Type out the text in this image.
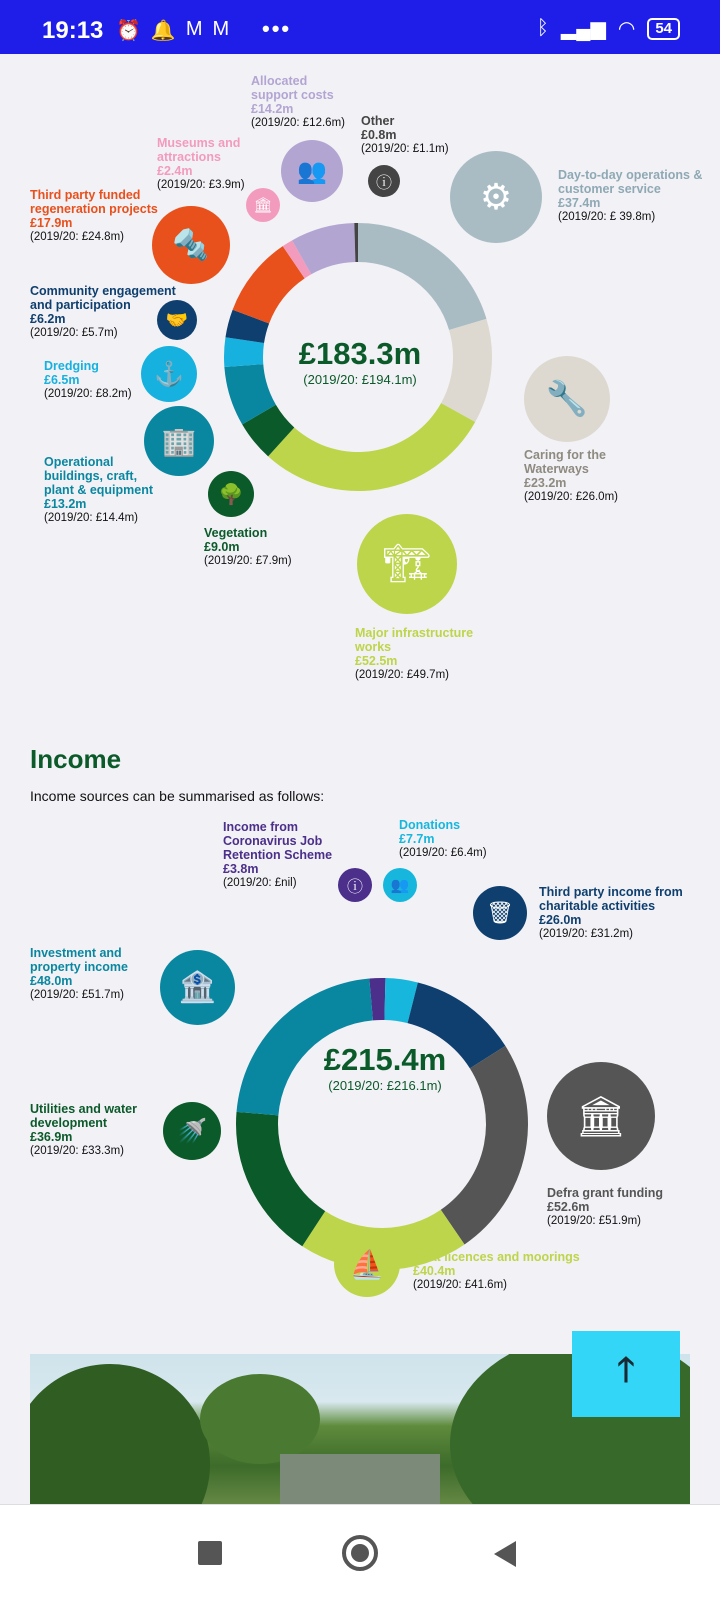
19:13 ⏰ 🔔 M M •••	ᛒ ▂▄▆ ◠	54
£183.3m
(2019/20: £194.1m)
⚙
🔧
🏗
🌳
🏢
⚓
🤝
🔩
🏛
👥	ⓘ	Day-to-day operations & customer service
£37.4m
(2019/20: £ 39.8m)
Caring for the Waterways
£23.2m
(2019/20: £26.0m)
Major infrastructure works
£52.5m
(2019/20: £49.7m)
Vegetation
£9.0m
(2019/20: £7.9m)
Operational buildings, craft, plant & equipment
£13.2m
(2019/20: £14.4m)
Dredging
£6.5m
(2019/20: £8.2m)
Community engagement and participation
£6.2m
(2019/20: £5.7m)
Third party funded regeneration projects
£17.9m
(2019/20: £24.8m)
Museums and attractions
£2.4m
(2019/20: £3.9m)
Allocated support costs
£14.2m
(2019/20: £12.6m) Other
£0.8m
(2019/20: £1.1m)
Income
Income sources can be summarised as follows:
£215.4m
(2019/20: £216.1m)
ⓘ	👥
🗑
🏛
⛵
🚿
🏦
Income from Coronavirus Job Retention Scheme
£3.8m
(2019/20: £nil)
Donations
£7.7m
(2019/20: £6.4m)
Third party income from charitable activities
£26.0m
(2019/20: £31.2m)
Defra grant funding
£52.6m
(2019/20: £51.9m)
Boat licences and moorings
£40.4m
(2019/20: £41.6m)
Utilities and water development
£36.9m
(2019/20: £33.3m)
Investment and property income
£48.0m
(2019/20: £51.7m)
🡑
